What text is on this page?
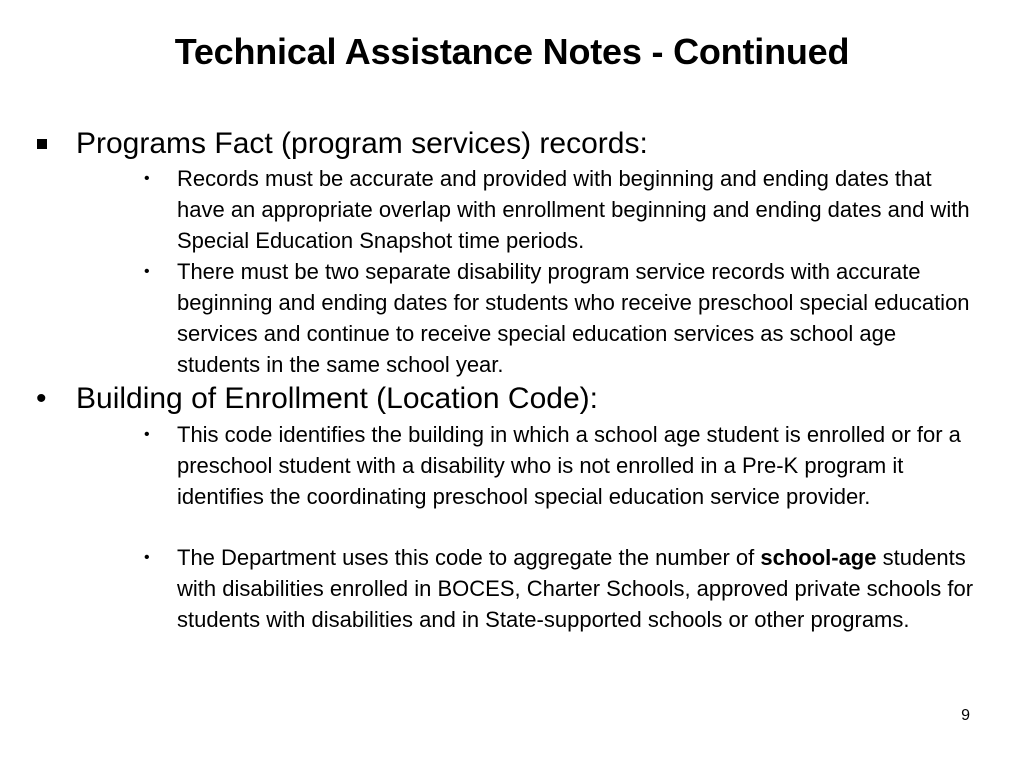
Technical Assistance Notes - Continued
Programs Fact (program services) records:
• Records must be accurate and provided with beginning and ending dates that have an appropriate overlap with enrollment beginning and ending dates and with Special Education Snapshot time periods.
• There must be two separate disability program service records with accurate beginning and ending dates for students who receive preschool special education services and continue to receive special education services as school age students in the same school year.
• Building of Enrollment (Location Code):
• This code identifies the building in which a school age student is enrolled or for a preschool student with a disability who is not enrolled in a Pre-K program it identifies the coordinating preschool special education service provider.
• The Department uses this code to aggregate the number of school-age students with disabilities enrolled in BOCES, Charter Schools, approved private schools for students with disabilities and in State-supported schools or other programs.
9
